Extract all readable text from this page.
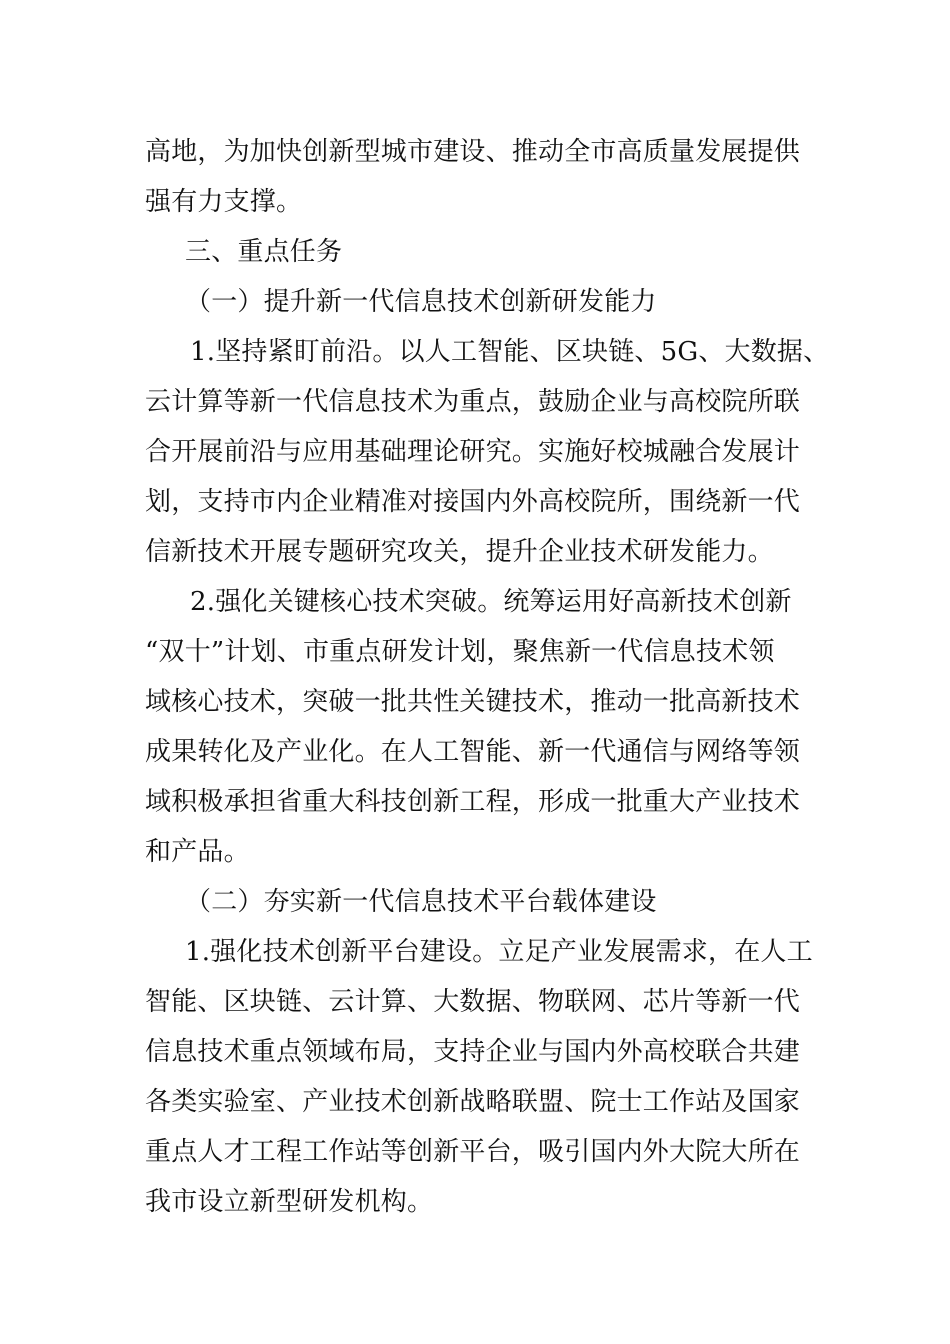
高地，为加快创新型城市建设、推动全市高质量发展提供
强有力支撑。
三、重点任务
（一）提升新一代信息技术创新研发能力
1.坚持紧盯前沿。以人工智能、区块链、5G、大数据、
云计算等新一代信息技术为重点，鼓励企业与高校院所联
合开展前沿与应用基础理论研究。实施好校城融合发展计
划，支持市内企业精准对接国内外高校院所，围绕新一代
信新技术开展专题研究攻关，提升企业技术研发能力。
2.强化关键核心技术突破。统筹运用好高新技术创新
“双十”计划、市重点研发计划，聚焦新一代信息技术领
域核心技术，突破一批共性关键技术，推动一批高新技术
成果转化及产业化。在人工智能、新一代通信与网络等领
域积极承担省重大科技创新工程，形成一批重大产业技术
和产品。
（二）夯实新一代信息技术平台载体建设
1.强化技术创新平台建设。立足产业发展需求，在人工
智能、区块链、云计算、大数据、物联网、芯片等新一代
信息技术重点领域布局，支持企业与国内外高校联合共建
各类实验室、产业技术创新战略联盟、院士工作站及国家
重点人才工程工作站等创新平台，吸引国内外大院大所在
我市设立新型研发机构。
